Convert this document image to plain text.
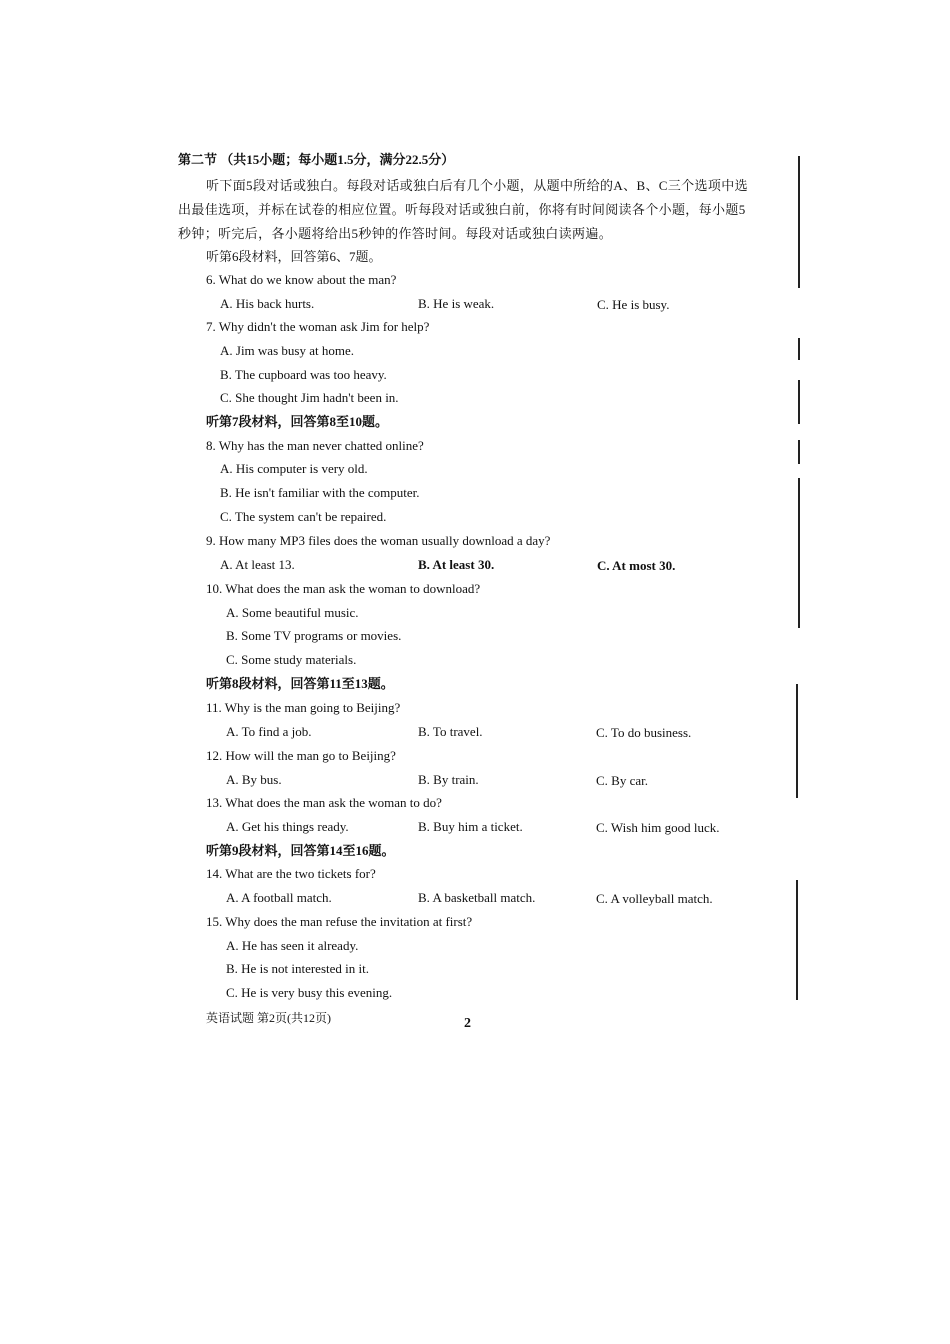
第二节 （共15小题；每小题1.5分，满分22.5分）
听下面5段对话或独白。每段对话或独白后有几个小题，从题中所给的A、B、C三个选项中选
出最佳选项，并标在试卷的相应位置。听每段对话或独白前，你将有时间阅读各个小题，每小题5
秒钟；听完后，各小题将给出5秒钟的作答时间。每段对话或独白读两遍。
听第6段材料，回答第6、7题。
6. What do we know about the man?
A. His back hurts.	B. He is weak.	C. He is busy.
7. Why didn't the woman ask Jim for help?
A. Jim was busy at home.
B. The cupboard was too heavy.
C. She thought Jim hadn't been in.
听第7段材料，回答第8至10题。
8. Why has the man never chatted online?
A. His computer is very old.
B. He isn't familiar with the computer.
C. The system can't be repaired.
9. How many MP3 files does the woman usually download a day?
A. At least 13.	B. At least 30.	C. At most 30.
10. What does the man ask the woman to download?
A. Some beautiful music.
B. Some TV programs or movies.
C. Some study materials.
听第8段材料，回答第11至13题。
11. Why is the man going to Beijing?
A. To find a job.	B. To travel.	C. To do business.
12. How will the man go to Beijing?
A. By bus.	B. By train.	C. By car.
13. What does the man ask the woman to do?
A. Get his things ready.	B. Buy him a ticket.	C. Wish him good luck.
听第9段材料，回答第14至16题。
14. What are the two tickets for?
A. A football match.	B. A basketball match.	C. A volleyball match.
15. Why does the man refuse the invitation at first?
A. He has seen it already.
B. He is not interested in it.
C. He is very busy this evening.
英语试题 第2页(共12页)	2
